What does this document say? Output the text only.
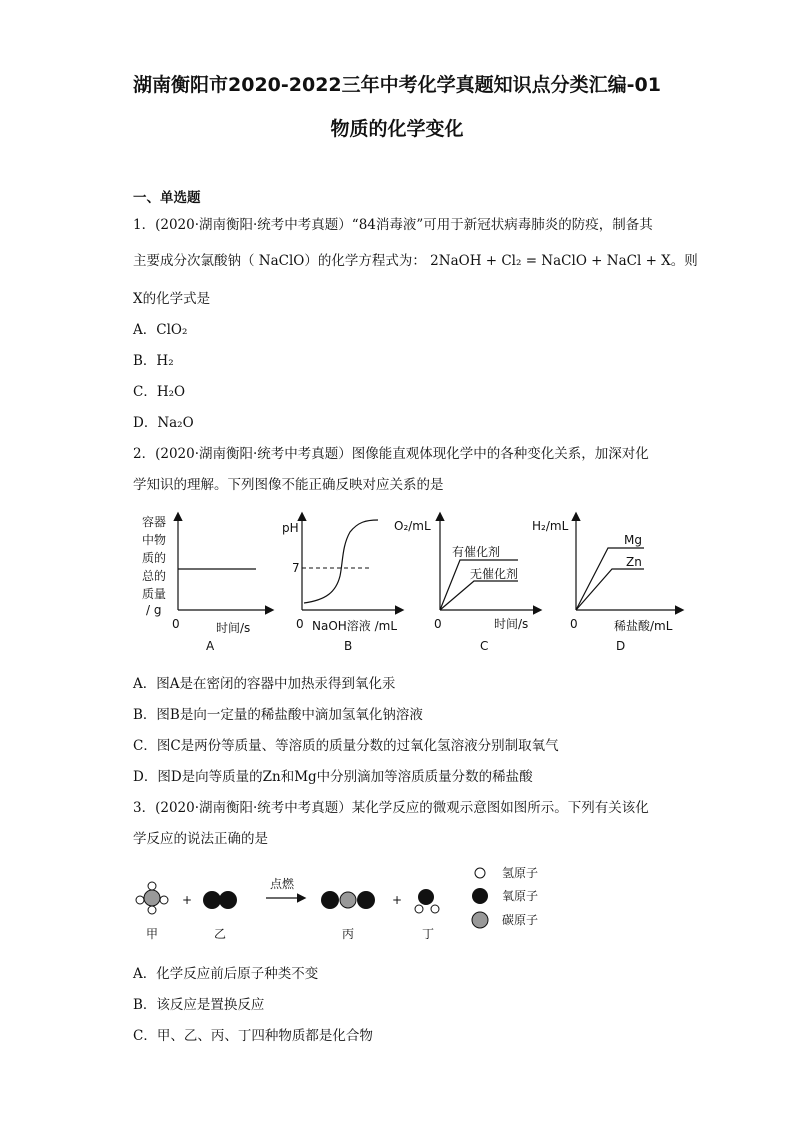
湖南衡阳市2020-2022三年中考化学真题知识点分类汇编-01
物质的化学变化
一、单选题
1．(2020·湖南衡阳·统考中考真题）“84消毒液”可用于新冠状病毒肺炎的防疫，制备其
主要成分次氯酸钠（ NaClO）的化学方程式为： 2NaOH + Cl₂ = NaClO + NaCl + X。则
X的化学式是
A．ClO₂
B．H₂
C．H₂O
D．Na₂O
2．(2020·湖南衡阳·统考中考真题）图像能直观体现化学中的各种变化关系，加深对化
学知识的理解。下列图像不能正确反映对应关系的是
容器
中物
质的
总的
质量
/ g
0	时间/s
A
pH
7
0 NaOH溶液 /mL
B
O₂/mL
有催化剂
无催化剂
0	时间/s
C
H₂/mL
Mg
Zn
0	稀盐酸/mL
D
A．图A是在密闭的容器中加热汞得到氧化汞
B．图B是向一定量的稀盐酸中滴加氢氧化钠溶液
C．图C是两份等质量、等溶质的质量分数的过氧化氢溶液分别制取氧气
D．图D是向等质量的Zn和Mg中分别滴加等溶质质量分数的稀盐酸
3．(2020·湖南衡阳·统考中考真题）某化学反应的微观示意图如图所示。下列有关该化
学反应的说法正确的是
+
点燃
+
甲	乙	丙	丁
氢原子
氧原子
碳原子
A．化学反应前后原子种类不变
B．该反应是置换反应
C．甲、乙、丙、丁四种物质都是化合物
